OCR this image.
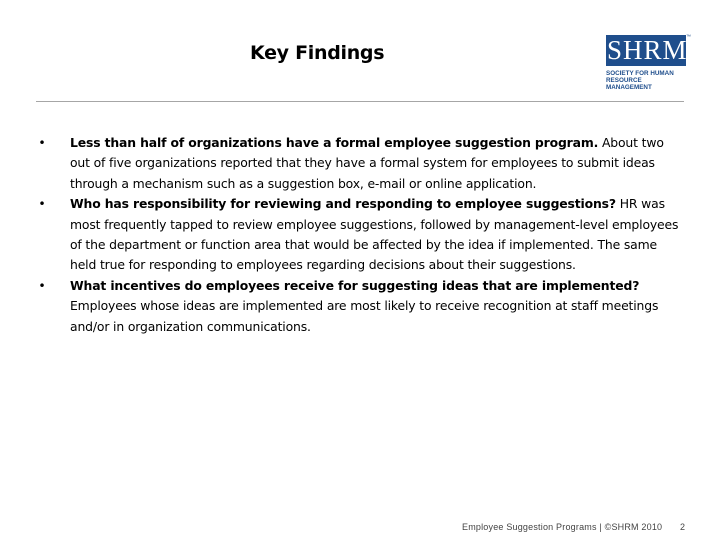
Key Findings	SHRM
™
SOCIETY FOR HUMAN
RESOURCE MANAGEMENT
• Less than half of organizations have a formal employee suggestion program. About two out of five organizations reported that they have a formal system for employees to submit ideas through a mechanism such as a suggestion box, e-mail or online application.
• Who has responsibility for reviewing and responding to employee suggestions? HR was most frequently tapped to review employee suggestions, followed by management-level employees of the department or function area that would be affected by the idea if implemented. The same held true for responding to employees regarding decisions about their suggestions.
• What incentives do employees receive for suggesting ideas that are implemented? Employees whose ideas are implemented are most likely to receive recognition at staff meetings and/or in organization communications.
Employee Suggestion Programs | ©SHRM 2010 2
